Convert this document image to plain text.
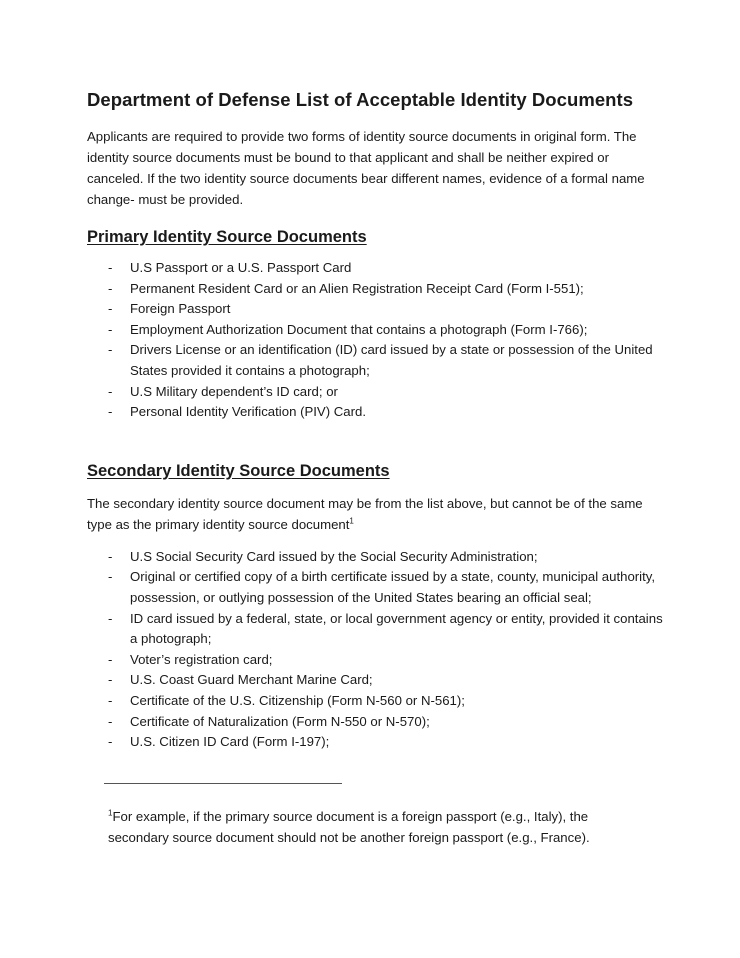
Department of Defense List of Acceptable Identity Documents

Applicants are required to provide two forms of identity source documents in original form. The identity source documents must be bound to that applicant and shall be neither expired or canceled. If the two identity source documents bear different names, evidence of a formal name change- must be provided.

Primary Identity Source Documents
- U.S Passport or a U.S. Passport Card
- Permanent Resident Card or an Alien Registration Receipt Card (Form I-551);
- Foreign Passport
- Employment Authorization Document that contains a photograph (Form I-766);
- Drivers License or an identification (ID) card issued by a state or possession of the United States provided it contains a photograph;
- U.S Military dependent’s ID card; or
- Personal Identity Verification (PIV) Card.
Secondary Identity Source Documents

The secondary identity source document may be from the list above, but cannot be of the same type as the primary identity source document$^1$

- U.S Social Security Card issued by the Social Security Administration;
- Original or certified copy of a birth certificate issued by a state, county, municipal authority, possession, or outlying possession of the United States bearing an official seal;
- ID card issued by a federal, state, or local government agency or entity, provided it contains a photograph;
- Voter’s registration card;
- U.S. Coast Guard Merchant Marine Card;
- Certificate of the U.S. Citizenship (Form N-560 or N-561);
- Certificate of Naturalization (Form N-550 or N-570);
- U.S. Citizen ID Card (Form I-197);
$^1$For example, if the primary source document is a foreign passport (e.g., Italy), the secondary source document should not be another foreign passport (e.g., France).
